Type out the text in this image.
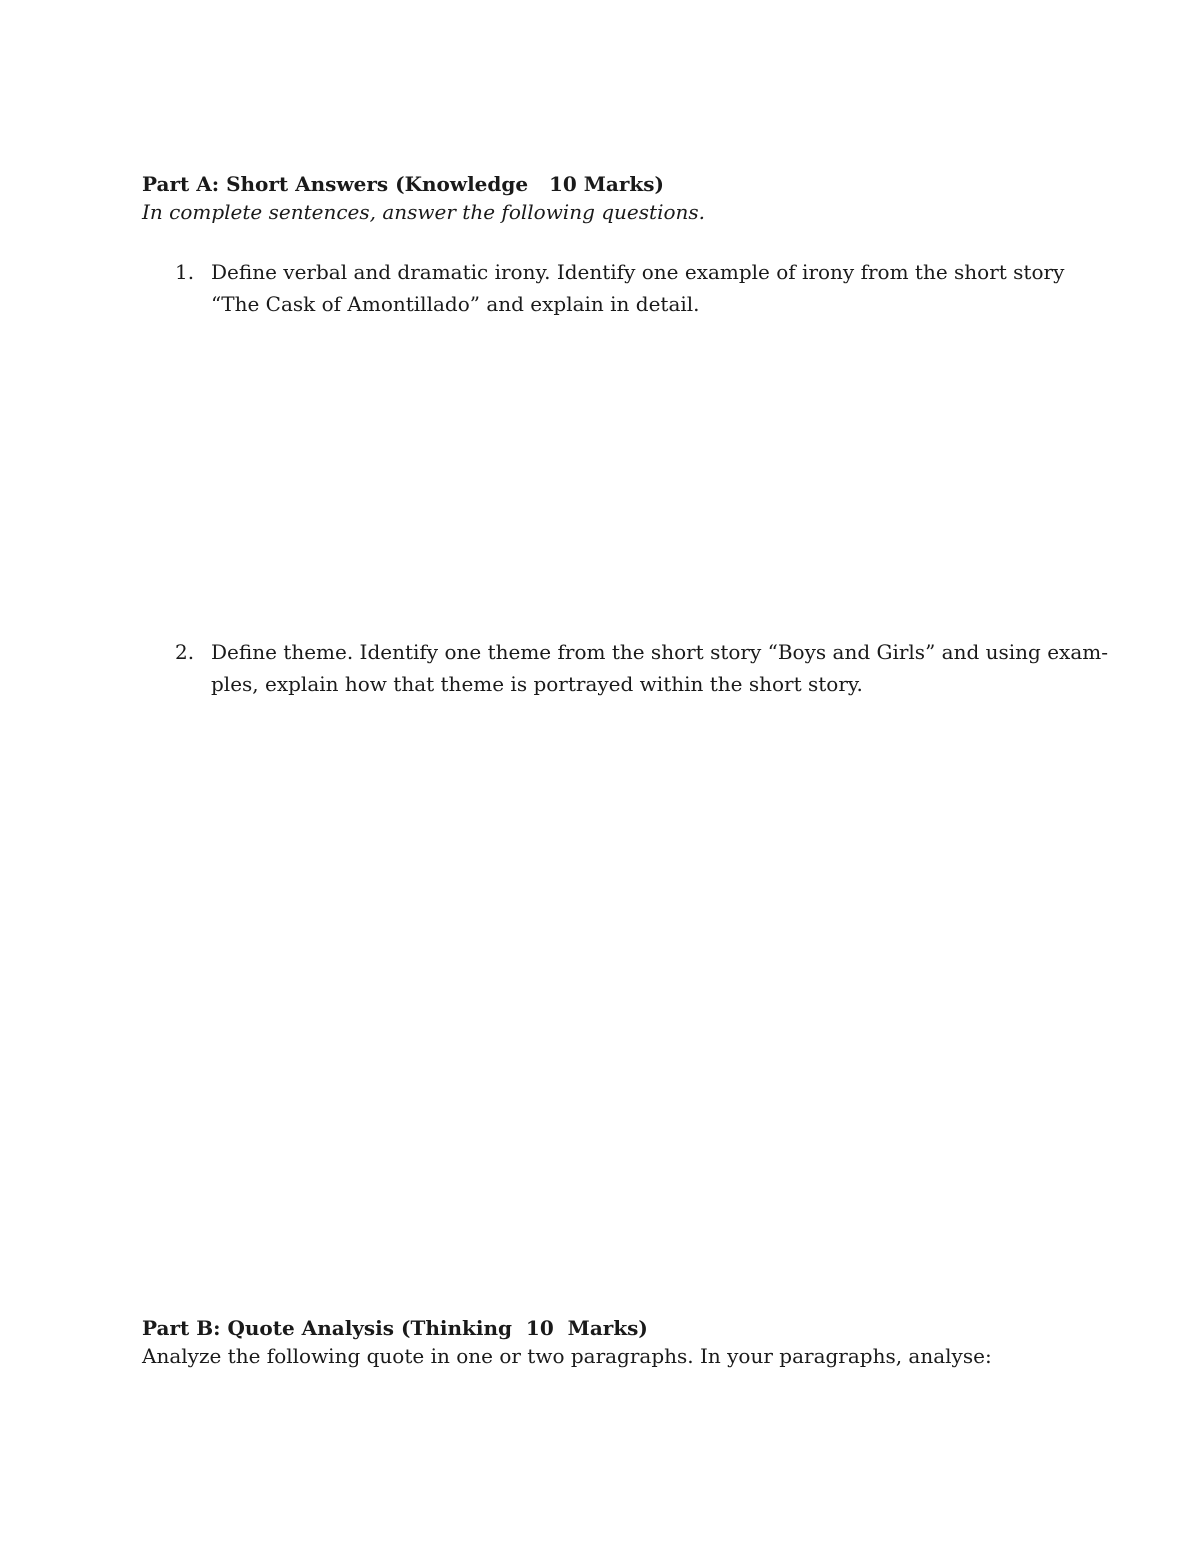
Part A: Short Answers (Knowledge   10 Marks)
In complete sentences, answer the following questions.
1. Define verbal and dramatic irony. Identify one example of irony from the short story
“The Cask of Amontillado” and explain in detail.
2. Define theme. Identify one theme from the short story “Boys and Girls” and using exam-
ples, explain how that theme is portrayed within the short story.
Part B: Quote Analysis (Thinking  10  Marks)
Analyze the following quote in one or two paragraphs. In your paragraphs, analyse:
